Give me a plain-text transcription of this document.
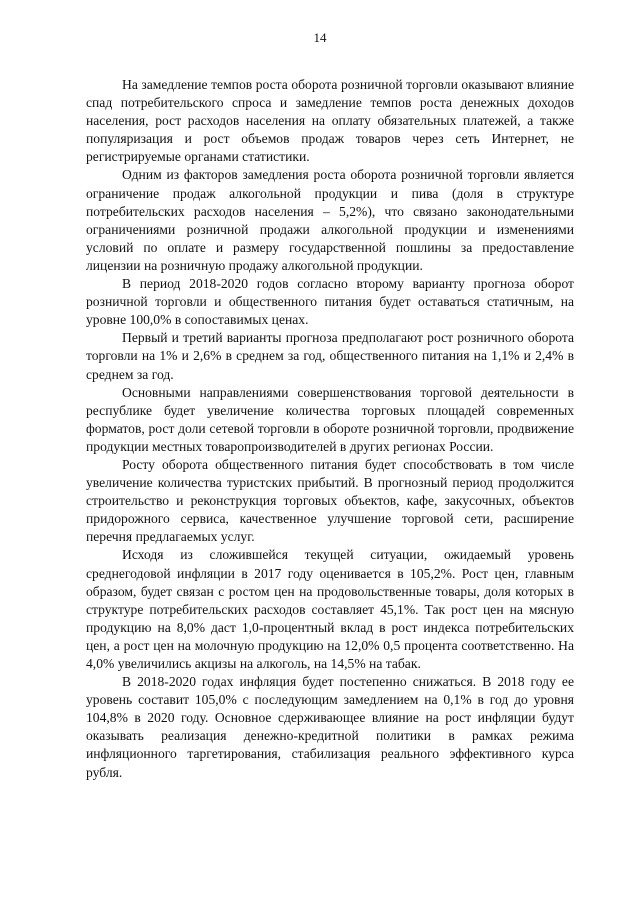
14

На замедление темпов роста оборота розничной торговли оказывают влияние спад потребительского спроса и замедление темпов роста денежных доходов населения, рост расходов населения на оплату обязательных платежей, а также популяризация и рост объемов продаж товаров через сеть Интернет, не регистрируемые органами статистики.

Одним из факторов замедления роста оборота розничной торговли является ограничение продаж алкогольной продукции и пива (доля в структуре потребительских расходов населения – 5,2%), что связано законодательными ограничениями розничной продажи алкогольной продукции и изменениями условий по оплате и размеру государственной пошлины за предоставление лицензии на розничную продажу алкогольной продукции.

В период 2018-2020 годов согласно второму варианту прогноза оборот розничной торговли и общественного питания будет оставаться статичным, на уровне 100,0% в сопоставимых ценах.

Первый и третий варианты прогноза предполагают рост розничного оборота торговли на 1% и 2,6% в среднем за год, общественного питания на 1,1% и 2,4% в среднем за год.

Основными направлениями совершенствования торговой деятельности в республике будет увеличение количества торговых площадей современных форматов, рост доли сетевой торговли в обороте розничной торговли, продвижение продукции местных товаропроизводителей в других регионах России.

Росту оборота общественного питания будет способствовать в том числе увеличение количества туристских прибытий. В прогнозный период продолжится строительство и реконструкция торговых объектов, кафе, закусочных, объектов придорожного сервиса, качественное улучшение торговой сети, расширение перечня предлагаемых услуг.

Исходя из сложившейся текущей ситуации, ожидаемый уровень среднегодовой инфляции в 2017 году оценивается в 105,2%. Рост цен, главным образом, будет связан с ростом цен на продовольственные товары, доля которых в структуре потребительских расходов составляет 45,1%. Так рост цен на мясную продукцию на 8,0% даст 1,0-процентный вклад в рост индекса потребительских цен, а рост цен на молочную продукцию на 12,0% 0,5 процента соответственно. На 4,0% увеличились акцизы на алкоголь, на 14,5% на табак.

В 2018-2020 годах инфляция будет постепенно снижаться. В 2018 году ее уровень составит 105,0% с последующим замедлением на 0,1% в год до уровня 104,8% в 2020 году. Основное сдерживающее влияние на рост инфляции будут оказывать реализация денежно-кредитной политики в рамках режима инфляционного таргетирования, стабилизация реального эффективного курса рубля.
